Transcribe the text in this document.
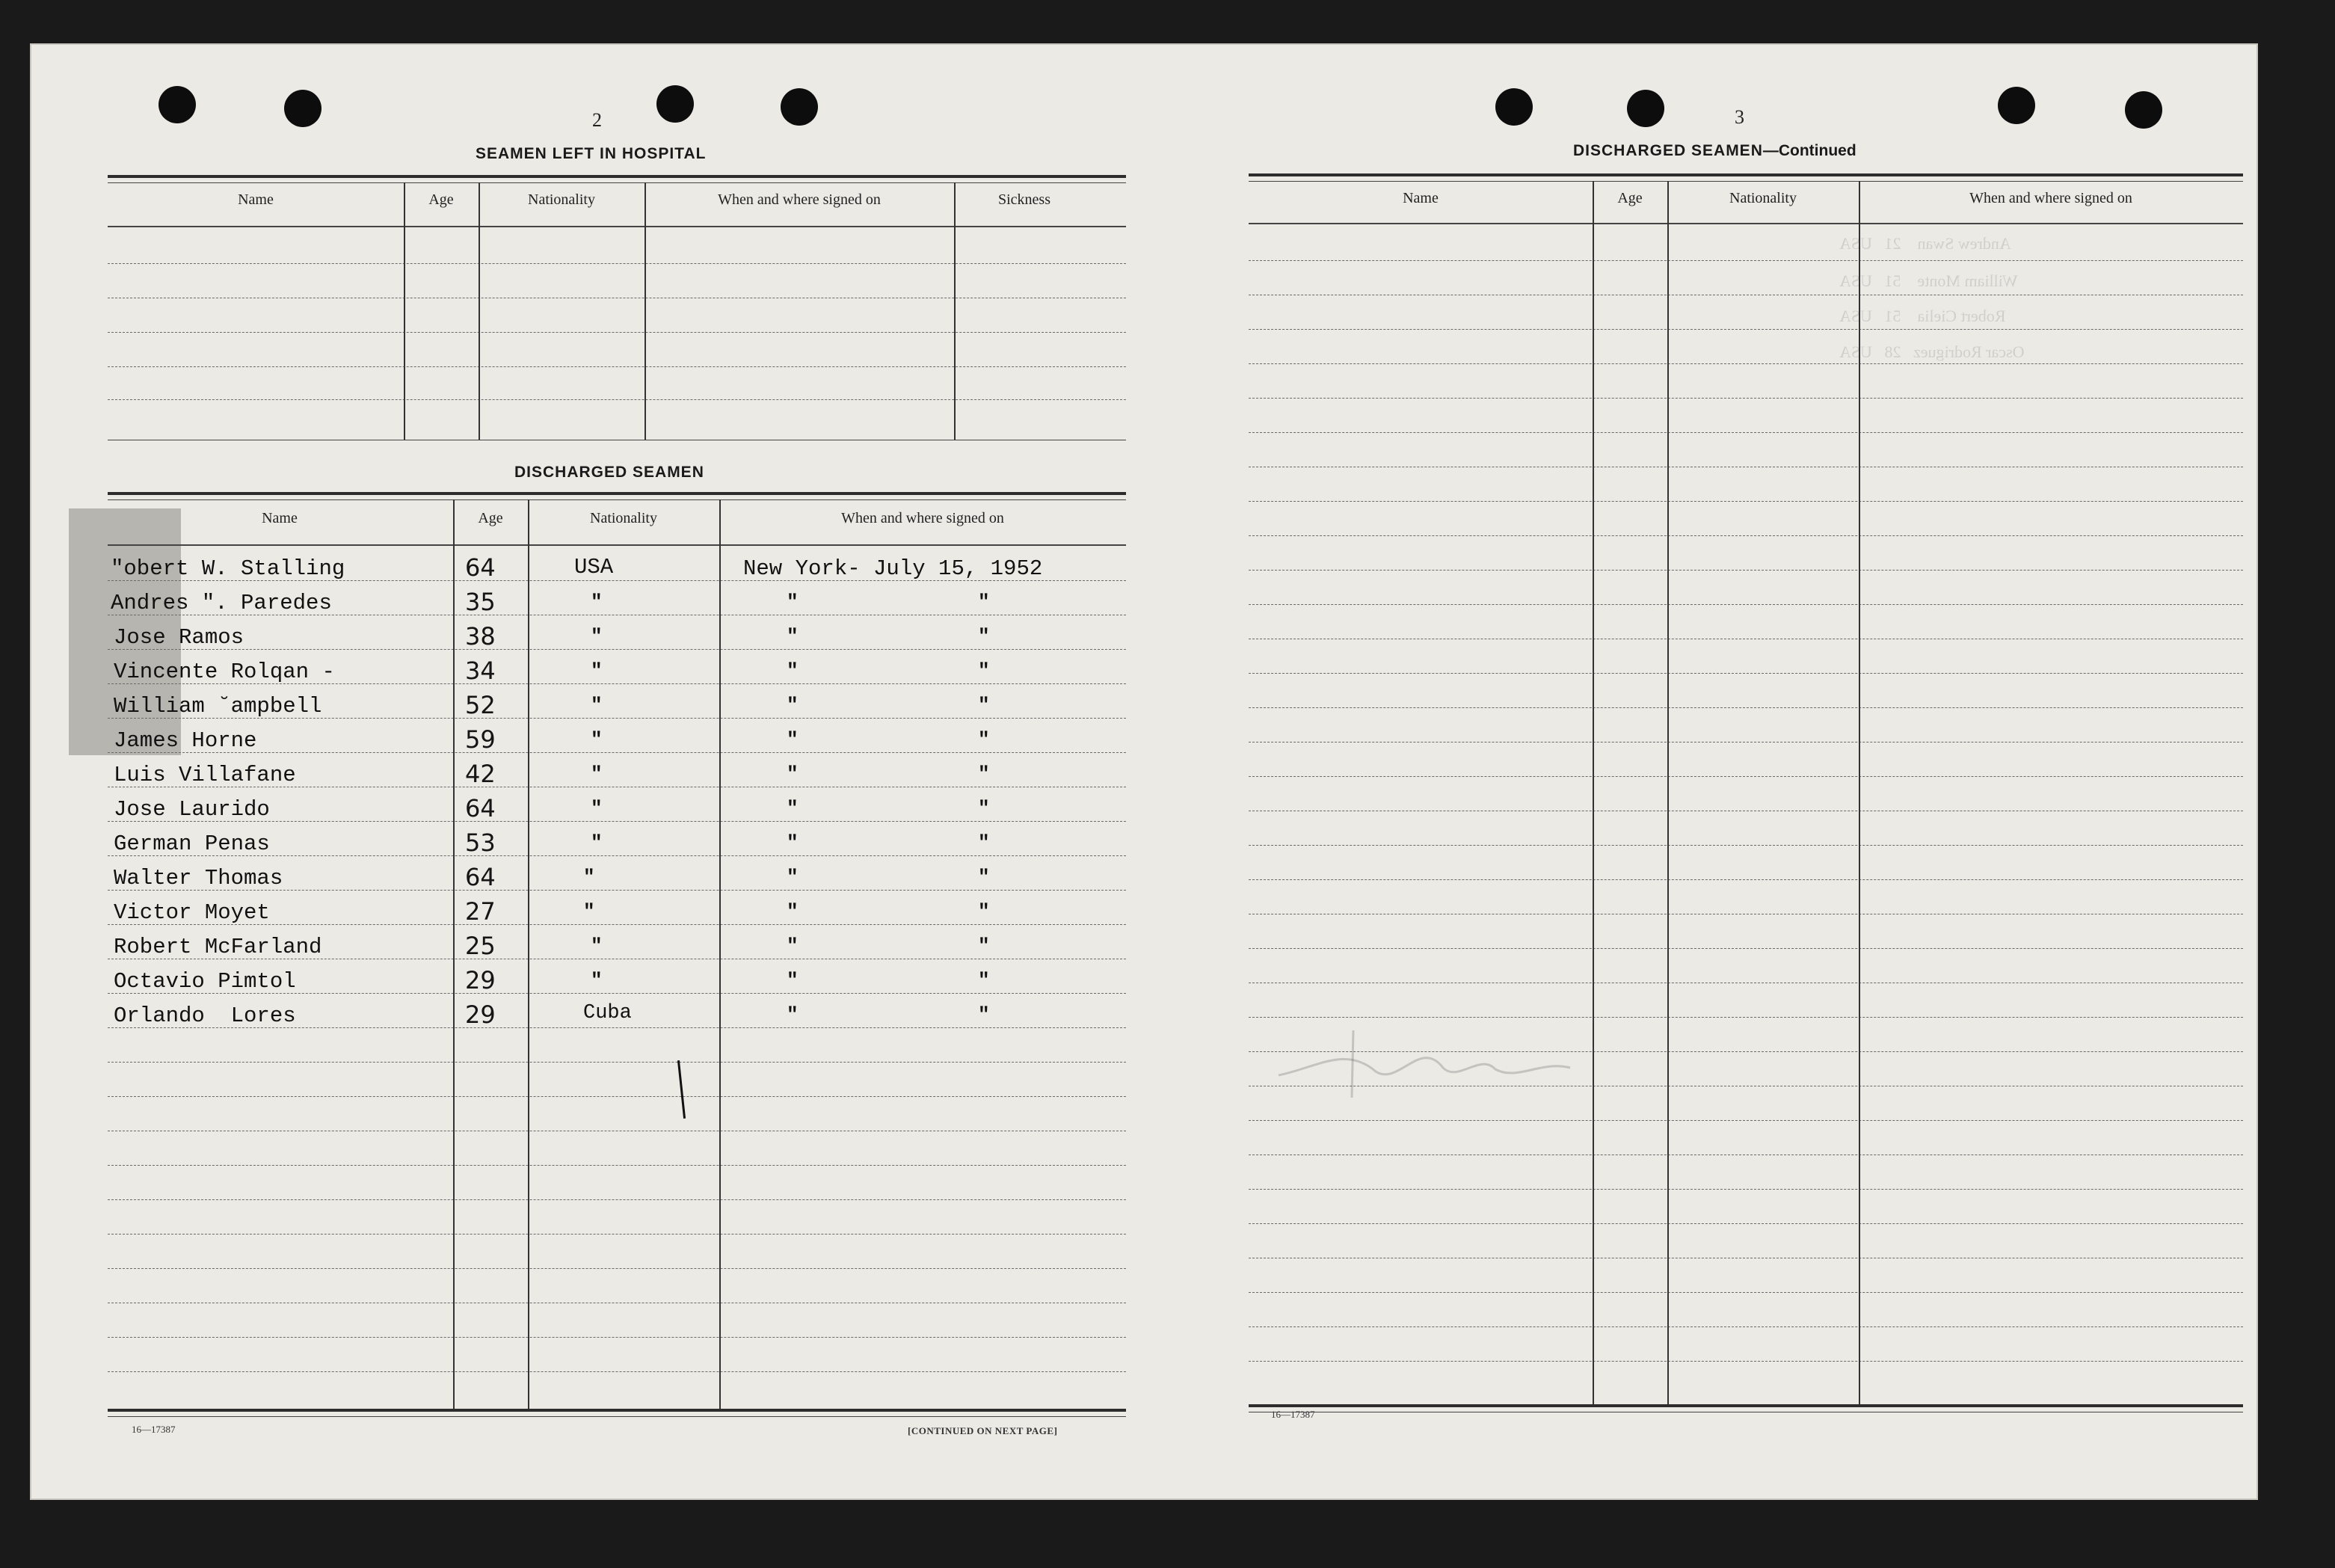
Andrew Swan    21   USA
William Monte    51   USA
Robert Cielia    51   USA
Oscar Rodriguez   28   USA
2
SEAMEN LEFT IN HOSPITAL
Name	Age	Nationality	When and where signed on	Sickness
DISCHARGED SEAMEN
Name	Age	Nationality	When and where signed on
"obert W. Stalling	64	USA	New York- July 15, 1952
Andres ". Paredes	35	"	"	"
Jose Ramos	38	"	"	"
Vincente Rolqan -	34	"	"	"
William ˘ampbell	52	"	"	"
James Horne	59	"	"	"
Luis Villafane	42	"	"	"
Jose Laurido	64	"	"	"
German Penas	53	"	"	"
Walter Thomas	64	"	"	"
Victor Moyet	27	"	"	"
Robert McFarland	25	"	"	"
Octavio Pimtol	29	"	"	"
Orlando  Lores	29	Cuba	"	"
16—17387	[CONTINUED ON NEXT PAGE]
3
DISCHARGED SEAMEN—Continued
Name	Age	Nationality	When and where signed on
16—17387
